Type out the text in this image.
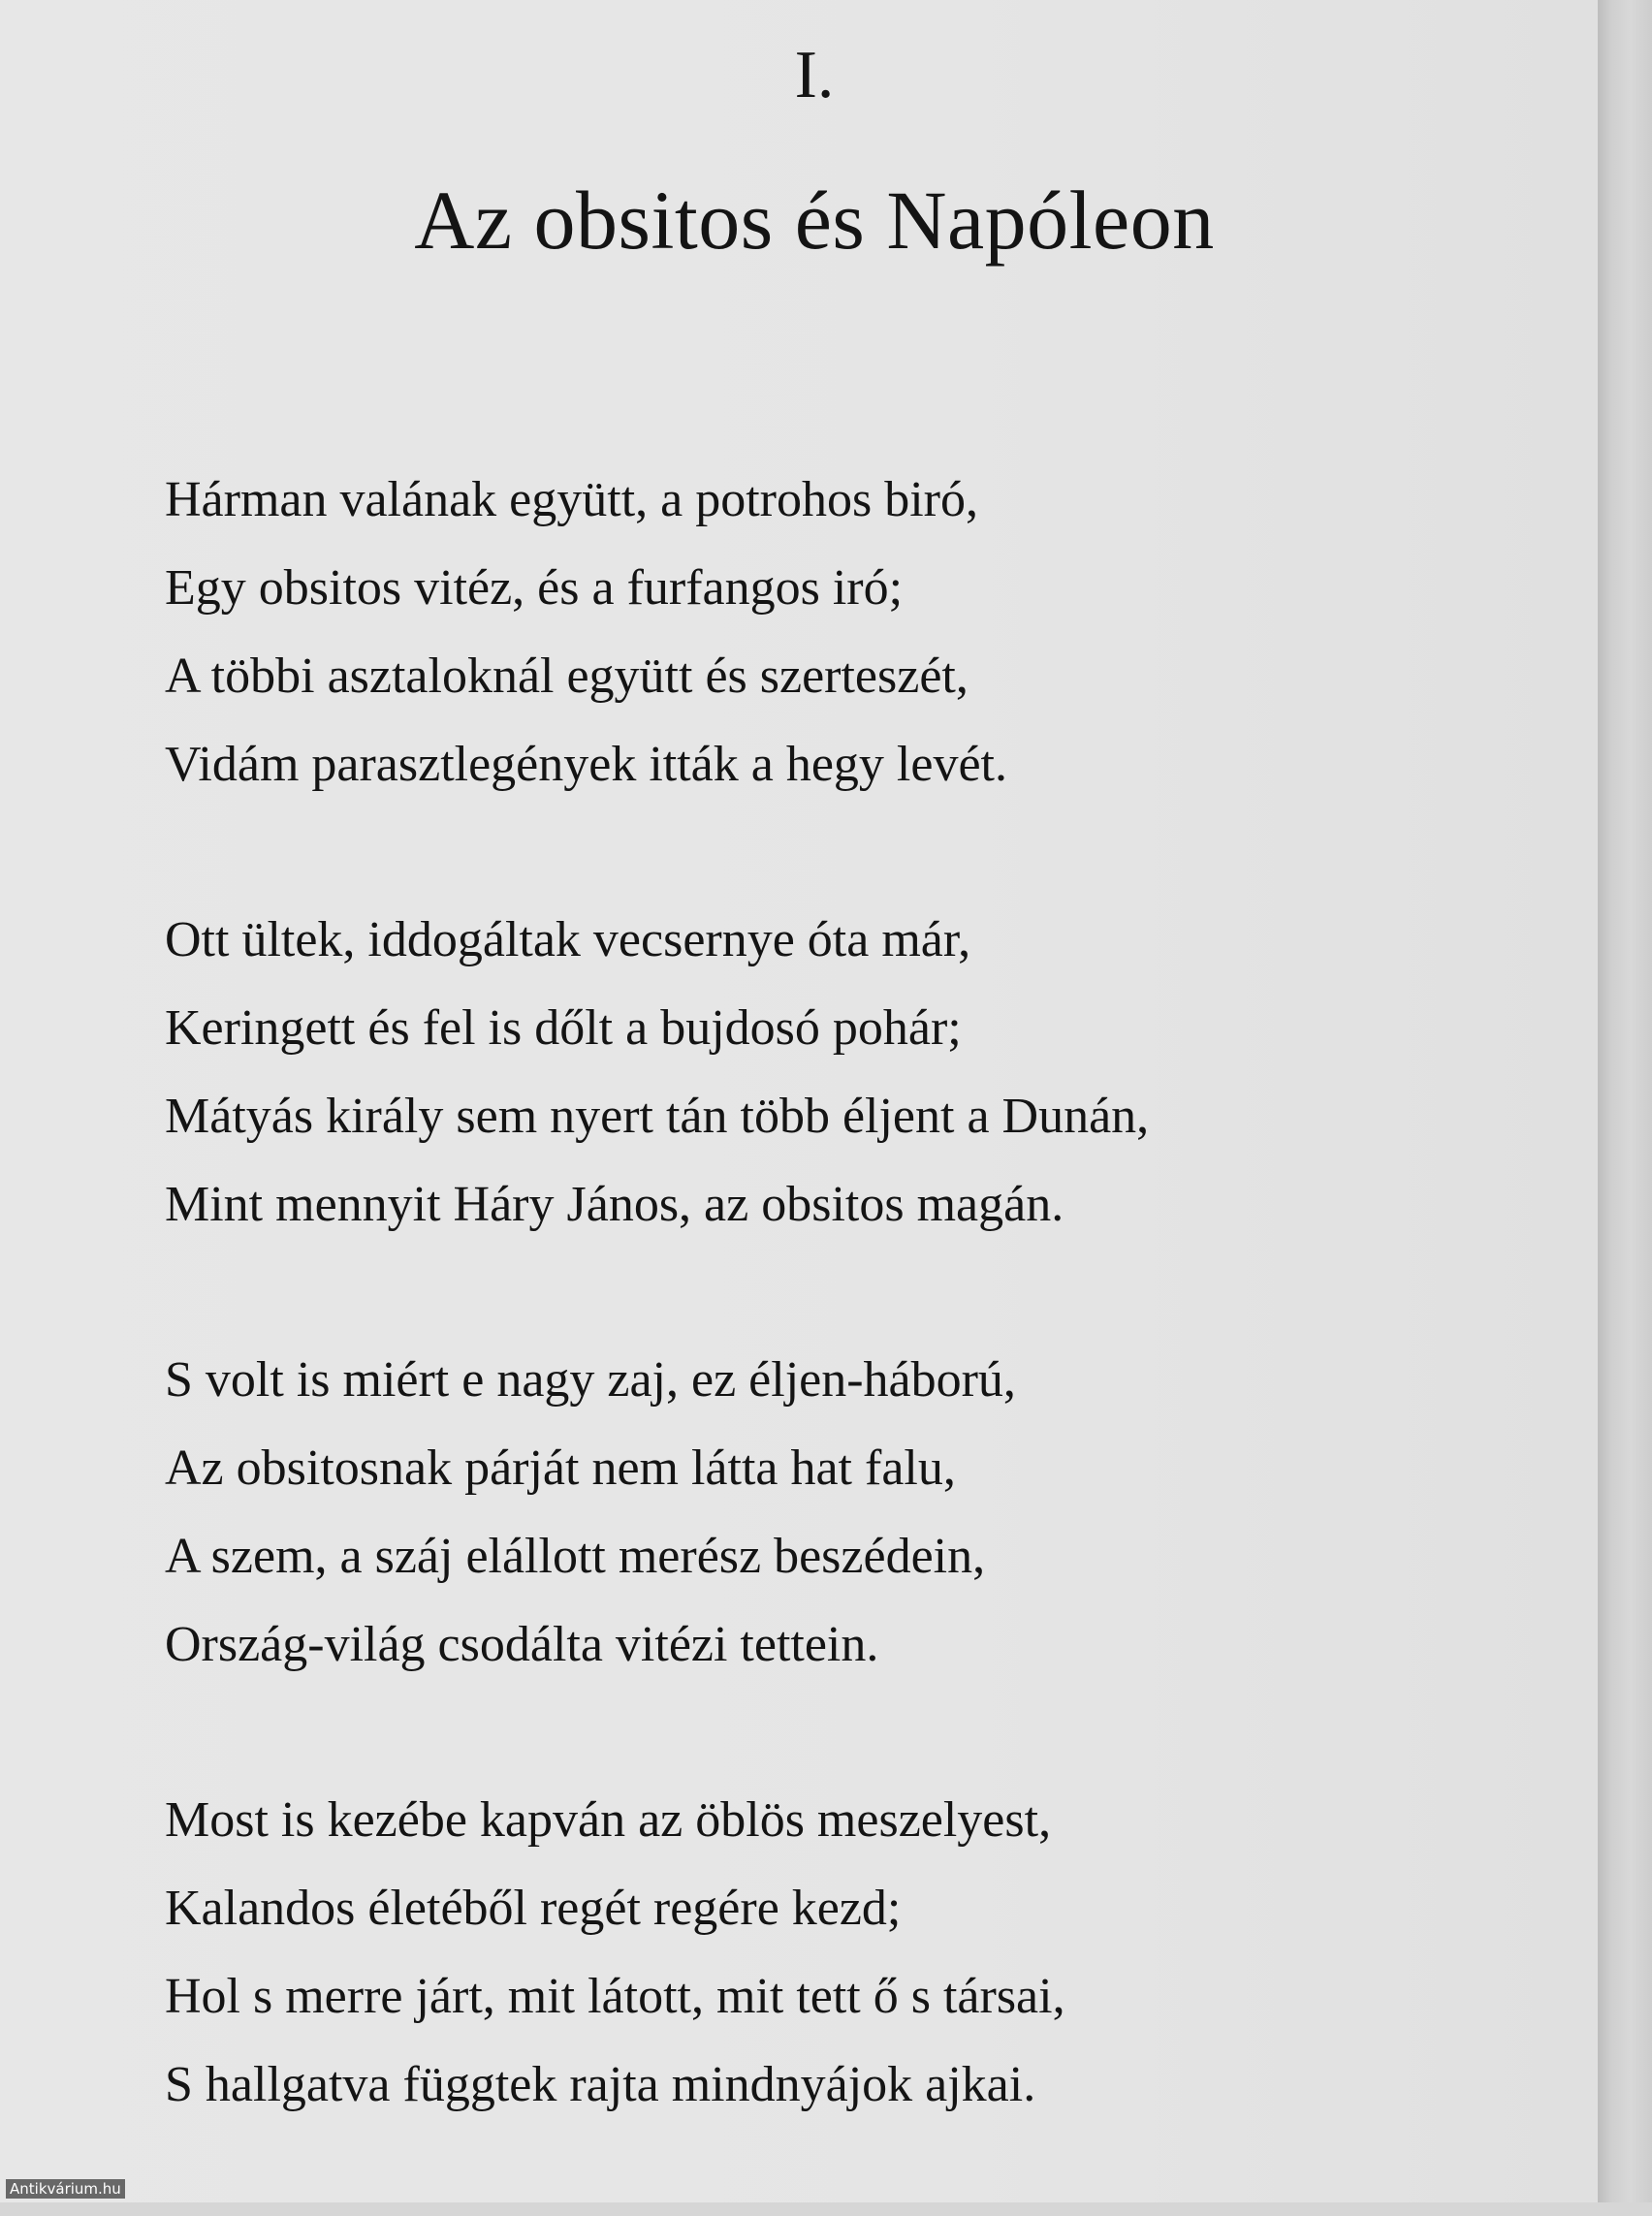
I.
Az obsitos és Napóleon
Hárman valának együtt, a potrohos biró,
Egy obsitos vitéz, és a furfangos iró;
A többi asztaloknál együtt és szerteszét,
Vidám parasztlegények itták a hegy levét.
Ott ültek, iddogáltak vecsernye óta már,
Keringett és fel is dőlt a bujdosó pohár;
Mátyás király sem nyert tán több éljent a Dunán,
Mint mennyit Háry János, az obsitos magán.
S volt is miért e nagy zaj, ez éljen-háború,
Az obsitosnak párját nem látta hat falu,
A szem, a száj elállott merész beszédein,
Ország-világ csodálta vitézi tettein.
Most is kezébe kapván az öblös meszelyest,
Kalandos életéből regét regére kezd;
Hol s merre járt, mit látott, mit tett ő s társai,
S hallgatva függtek rajta mindnyájok ajkai.
Antikvárium.hu
